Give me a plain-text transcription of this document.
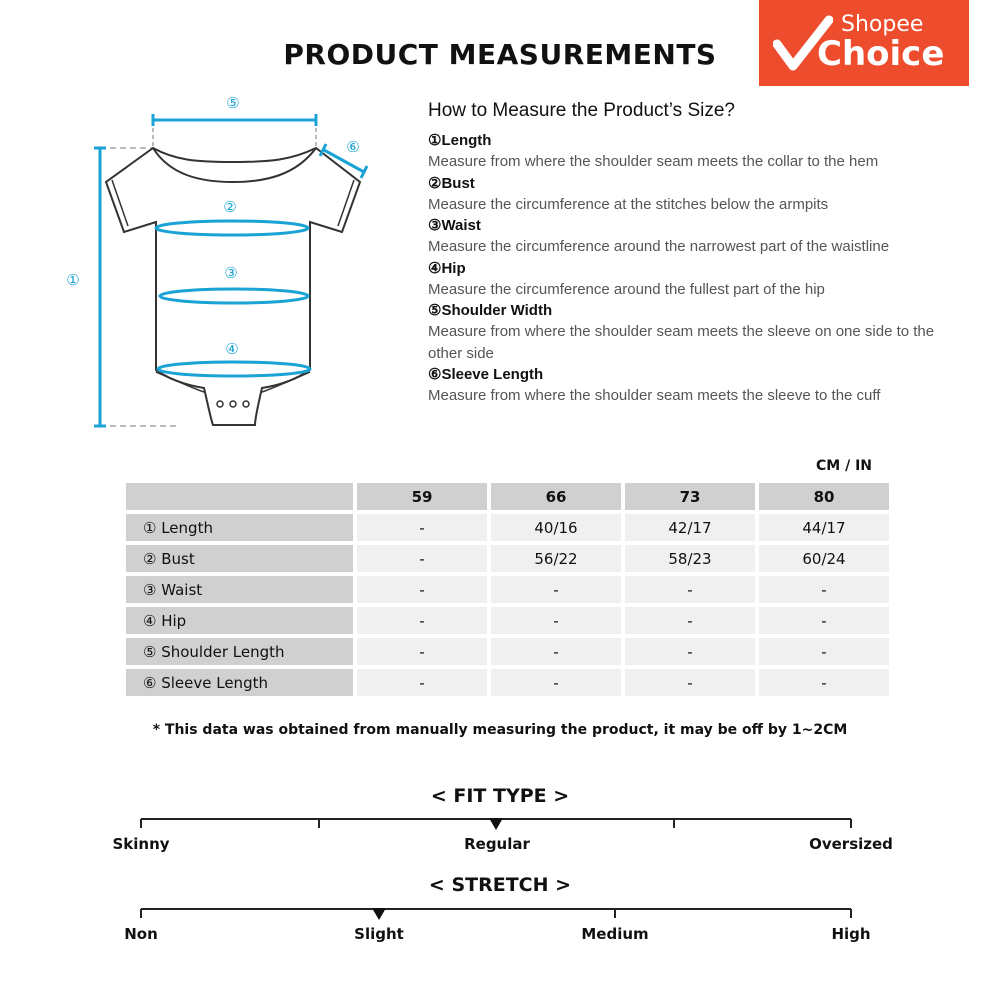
PRODUCT MEASUREMENTS
Shopee
Choice
⑤
⑥
①
②
③
④
How to Measure the Product’s Size?
①Length
Measure from where the shoulder seam meets the collar to the hem
②Bust
Measure the circumference at the stitches below the armpits
③Waist
Measure the circumference around the narrowest part of the waistline
④Hip
Measure the circumference around the fullest part of the hip
⑤Shoulder Width
Measure from where the shoulder seam meets the sleeve on one side to the other side
⑥Sleeve Length
Measure from where the shoulder seam meets the sleeve to the cuff
CM / IN
	59	66	73	80
① Length	-	40/16	42/17	44/17
② Bust	-	56/22	58/23	60/24
③ Waist	-	-	-	-
④ Hip	-	-	-	-
⑤ Shoulder Length	-	-	-	-
⑥ Sleeve Length	-	-	-	-
* This data was obtained from manually measuring the product, it may be off by 1~2CM
< FIT TYPE >
Skinny	Regular	Oversized
< STRETCH >
Non	Slight	Medium	High
